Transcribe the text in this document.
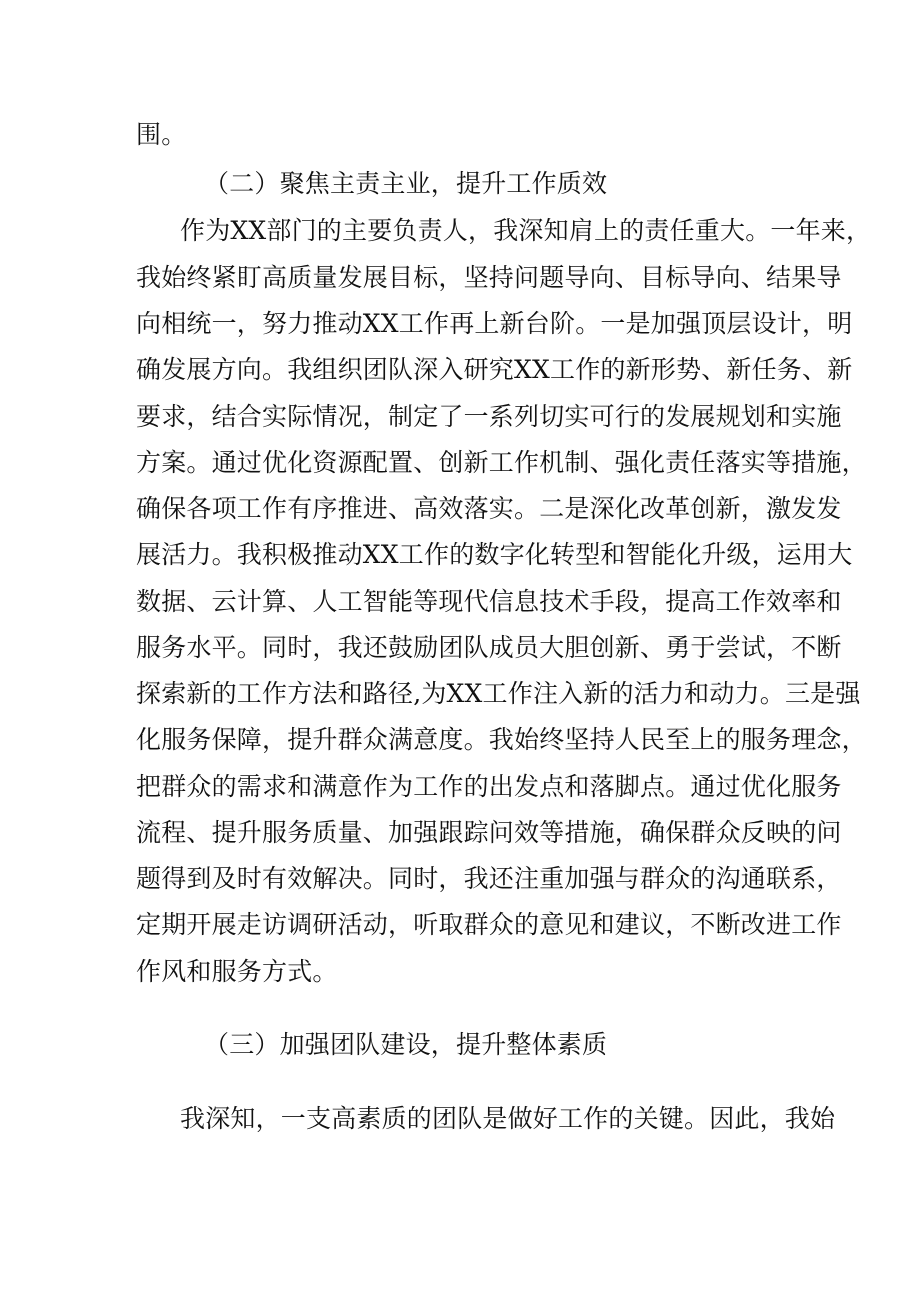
围。
（二）聚焦主责主业，提升工作质效
作为XX部门的主要负责人，我深知肩上的责任重大。一年来，
我始终紧盯高质量发展目标，坚持问题导向、目标导向、结果导
向相统一，努力推动XX工作再上新台阶。一是加强顶层设计，明
确发展方向。我组织团队深入研究XX工作的新形势、新任务、新
要求，结合实际情况，制定了一系列切实可行的发展规划和实施
方案。通过优化资源配置、创新工作机制、强化责任落实等措施，
确保各项工作有序推进、高效落实。二是深化改革创新，激发发
展活力。我积极推动XX工作的数字化转型和智能化升级，运用大
数据、云计算、人工智能等现代信息技术手段，提高工作效率和
服务水平。同时，我还鼓励团队成员大胆创新、勇于尝试，不断
探索新的工作方法和路径,为XX工作注入新的活力和动力。三是强
化服务保障，提升群众满意度。我始终坚持人民至上的服务理念，
把群众的需求和满意作为工作的出发点和落脚点。通过优化服务
流程、提升服务质量、加强跟踪问效等措施，确保群众反映的问
题得到及时有效解决。同时，我还注重加强与群众的沟通联系，
定期开展走访调研活动，听取群众的意见和建议，不断改进工作
作风和服务方式。
（三）加强团队建设，提升整体素质
我深知，一支高素质的团队是做好工作的关键。因此，我始
